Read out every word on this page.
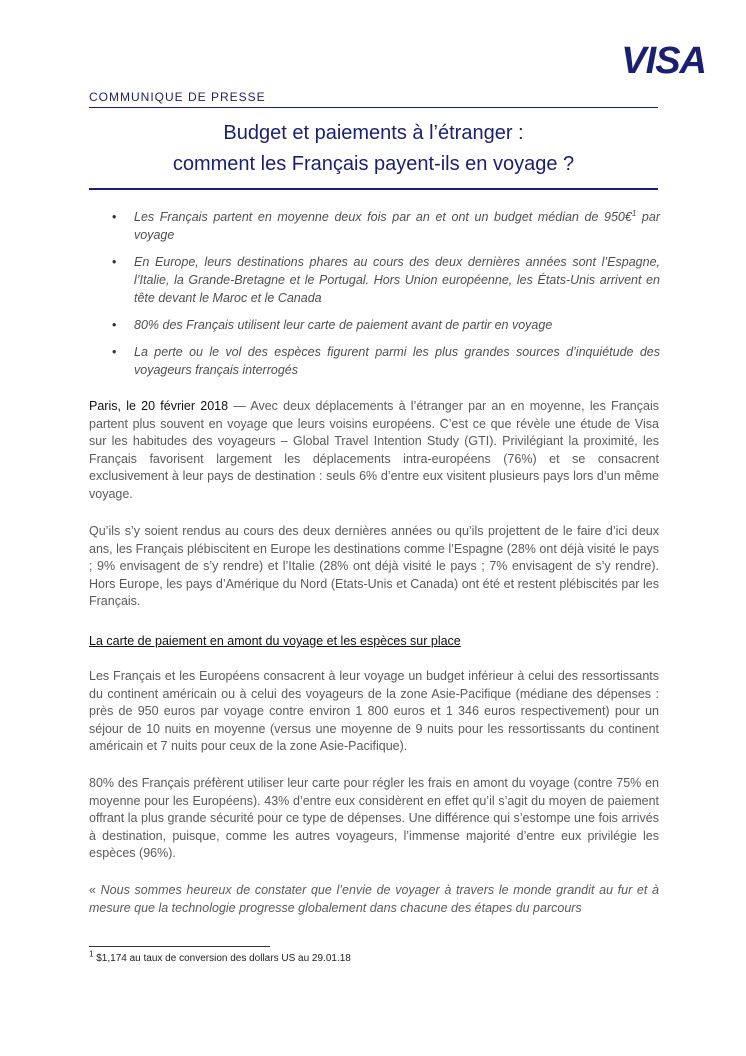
VISA
COMMUNIQUE DE PRESSE
Budget et paiements à l’étranger :
comment les Français payent-ils en voyage ?
• Les Français partent en moyenne deux fois par an et ont un budget médian de 950€$^1$ par voyage
• En Europe, leurs destinations phares au cours des deux dernières années sont l’Espagne, l’Italie, la Grande-Bretagne et le Portugal. Hors Union européenne, les États-Unis arrivent en tête devant le Maroc et le Canada
• 80% des Français utilisent leur carte de paiement avant de partir en voyage
• La perte ou le vol des espèces figurent parmi les plus grandes sources d’inquiétude des voyageurs français interrogés

Paris, le 20 février 2018 — Avec deux déplacements à l’étranger par an en moyenne, les Français partent plus souvent en voyage que leurs voisins européens. C’est ce que révèle une étude de Visa sur les habitudes des voyageurs – Global Travel Intention Study (GTI). Privilégiant la proximité, les Français favorisent largement les déplacements intra-européens (76%) et se consacrent exclusivement à leur pays de destination : seuls 6% d’entre eux visitent plusieurs pays lors d’un même voyage.

Qu’ils s’y soient rendus au cours des deux dernières années ou qu’ils projettent de le faire d’ici deux ans, les Français plébiscitent en Europe les destinations comme l’Espagne (28% ont déjà visité le pays ; 9% envisagent de s’y rendre) et l’Italie (28% ont déjà visité le pays ; 7% envisagent de s’y rendre). Hors Europe, les pays d’Amérique du Nord (Etats-Unis et Canada) ont été et restent plébiscités par les Français.

La carte de paiement en amont du voyage et les espèces sur place

Les Français et les Européens consacrent à leur voyage un budget inférieur à celui des ressortissants du continent américain ou à celui des voyageurs de la zone Asie-Pacifique (médiane des dépenses : près de 950 euros par voyage contre environ 1 800 euros et 1 346 euros respectivement) pour un séjour de 10 nuits en moyenne (versus une moyenne de 9 nuits pour les ressortissants du continent américain et 7 nuits pour ceux de la zone Asie-Pacifique).

80% des Français préfèrent utiliser leur carte pour régler les frais en amont du voyage (contre 75% en moyenne pour les Européens). 43% d’entre eux considèrent en effet qu’il s’agit du moyen de paiement offrant la plus grande sécurité pour ce type de dépenses. Une différence qui s’estompe une fois arrivés à destination, puisque, comme les autres voyageurs, l’immense majorité d’entre eux privilégie les espèces (96%).

« Nous sommes heureux de constater que l’envie de voyager à travers le monde grandit au fur et à mesure que la technologie progresse globalement dans chacune des étapes du parcours

$^1$ $1,174 au taux de conversion des dollars US au 29.01.18
